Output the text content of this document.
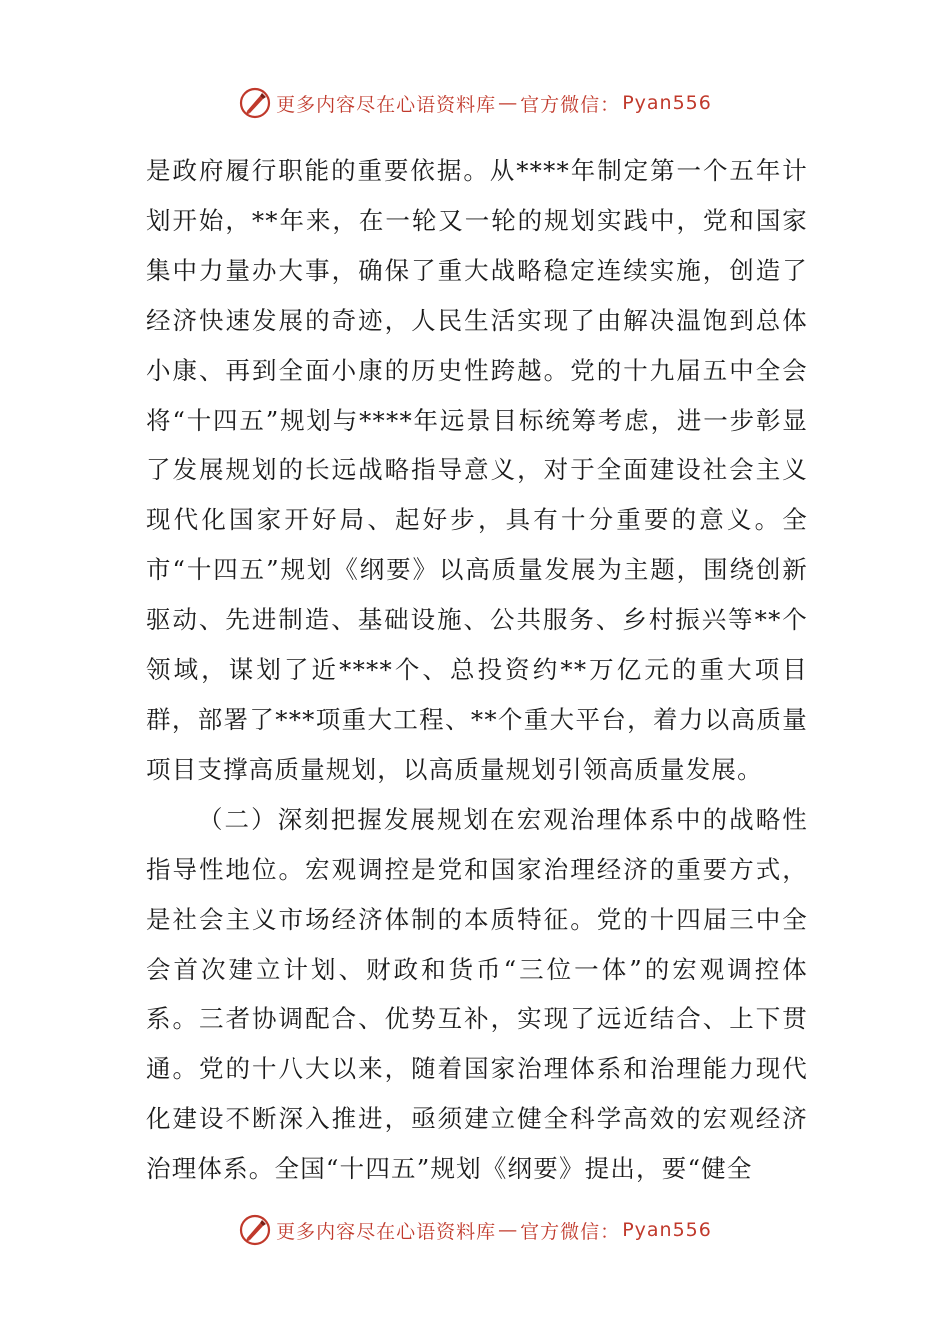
更多内容尽在心语资料库 — 官方微信： Pyan556

是政府履行职能的重要依据。从****年制定第一个五年计划开始，**年来，在一轮又一轮的规划实践中，党和国家集中力量办大事，确保了重大战略稳定连续实施，创造了经济快速发展的奇迹，人民生活实现了由解决温饱到总体小康、再到全面小康的历史性跨越。党的十九届五中全会将“十四五”规划与****年远景目标统筹考虑，进一步彰显了发展规划的长远战略指导意义，对于全面建设社会主义现代化国家开好局、起好步，具有十分重要的意义。全市“十四五”规划《纲要》以高质量发展为主题，围绕创新驱动、先进制造、基础设施、公共服务、乡村振兴等**个领域，谋划了近****个、总投资约**万亿元的重大项目群，部署了***项重大工程、**个重大平台，着力以高质量项目支撑高质量规划，以高质量规划引领高质量发展。

（二）深刻把握发展规划在宏观治理体系中的战略性指导性地位。宏观调控是党和国家治理经济的重要方式，是社会主义市场经济体制的本质特征。党的十四届三中全会首次建立计划、财政和货币“三位一体”的宏观调控体系。三者协调配合、优势互补，实现了远近结合、上下贯通。党的十八大以来，随着国家治理体系和治理能力现代化建设不断深入推进，亟须建立健全科学高效的宏观经济治理体系。全国“十四五”规划《纲要》提出，要“健全

更多内容尽在心语资料库 — 官方微信： Pyan556
